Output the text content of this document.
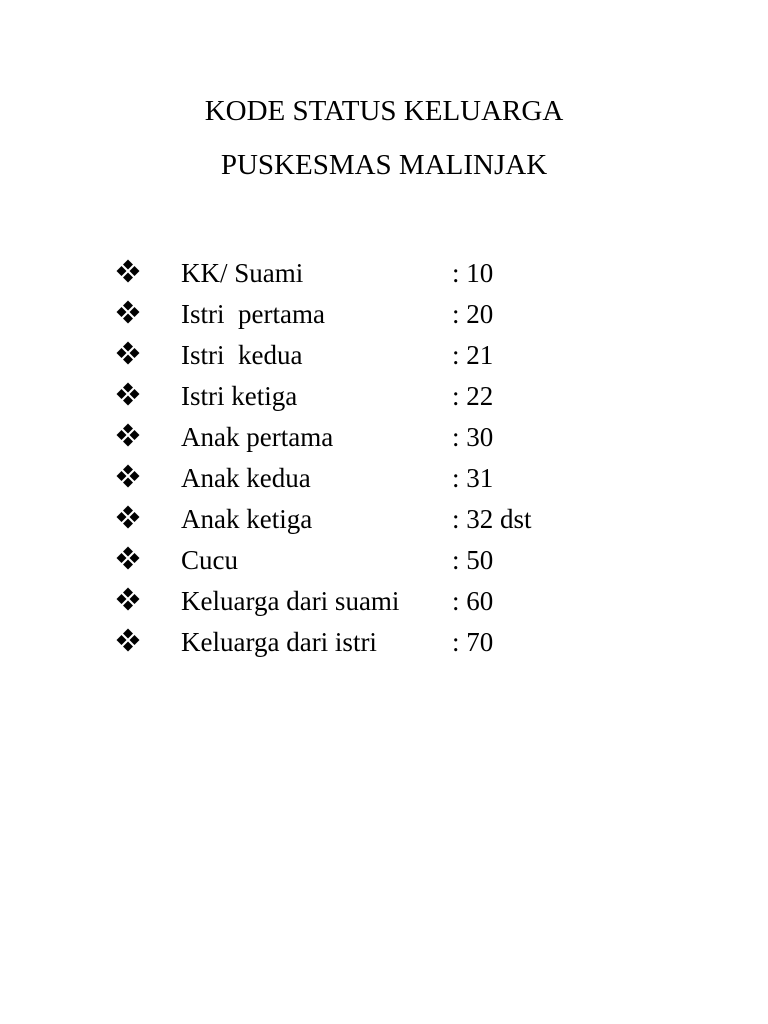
KODE STATUS KELUARGA
PUSKESMAS MALINJAK
KK/ Suami	: 10
Istri  pertama	: 20
Istri  kedua	: 21
Istri ketiga	: 22
Anak pertama	: 30
Anak kedua	: 31
Anak ketiga	: 32 dst
Cucu	: 50
Keluarga dari suami : 60
Keluarga dari istri	: 70
